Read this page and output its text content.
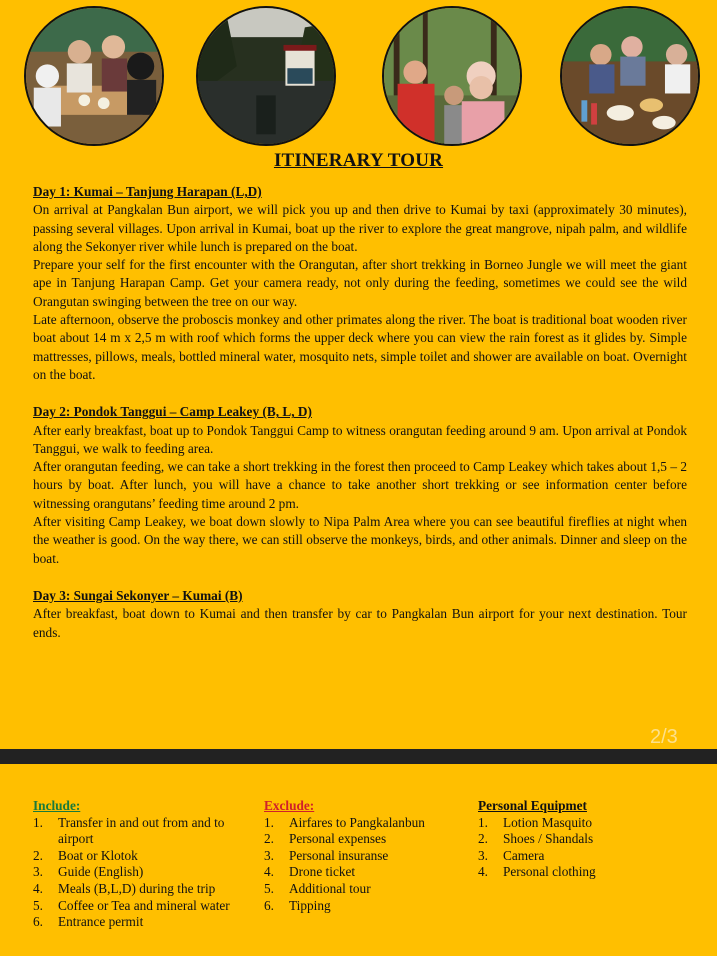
ITINERARY TOUR
Day 1: Kumai – Tanjung Harapan (L,D)
On arrival at Pangkalan Bun airport, we will pick you up and then drive to Kumai by taxi (approximately 30 minutes), passing several villages. Upon arrival in Kumai, boat up the river to explore the great mangrove, nipah palm, and wildlife along the Sekonyer river while lunch is prepared on the boat.
Prepare your self for the first encounter with the Orangutan, after short trekking in Borneo Jungle we will meet the giant ape in Tanjung Harapan Camp. Get your camera ready, not only during the feeding, sometimes we could see the wild Orangutan swinging between the tree on our way.
Late afternoon, observe the proboscis monkey and other primates along the river. The boat is traditional boat wooden river boat about 14 m x 2,5 m with roof which forms the upper deck where you can view the rain forest as it glides by. Simple mattresses, pillows, meals, bottled mineral water, mosquito nets, simple toilet and shower are available on boat. Overnight on the boat.
Day 2: Pondok Tanggui – Camp Leakey (B, L, D)
After early breakfast, boat up to Pondok Tanggui Camp to witness orangutan feeding around 9 am. Upon arrival at Pondok Tanggui, we walk to feeding area.
After orangutan feeding, we can take a short trekking in the forest then proceed to Camp Leakey which takes about 1,5 – 2 hours by boat. After lunch, you will have a chance to take another short trekking or see information center before witnessing orangutans’ feeding time around 2 pm.
After visiting Camp Leakey, we boat down slowly to Nipa Palm Area where you can see beautiful fireflies at night when the weather is good. On the way there, we can still observe the monkeys, birds, and other animals. Dinner and sleep on the boat.
Day 3: Sungai Sekonyer – Kumai (B)
After breakfast, boat down to Kumai and then transfer by car to Pangkalan Bun airport for your next destination. Tour ends.
2/3
Include:
1. Transfer in and out from and to airport
2. Boat or Klotok
3. Guide (English)
4. Meals (B,L,D) during the trip
5. Coffee or Tea and mineral water
6. Entrance permit
Exclude:
1. Airfares to Pangkalanbun
2. Personal expenses
3. Personal insuranse
4. Drone ticket
5. Additional tour
6. Tipping
Personal Equipmet
1. Lotion Masquito
2. Shoes / Shandals
3. Camera
4. Personal clothing
